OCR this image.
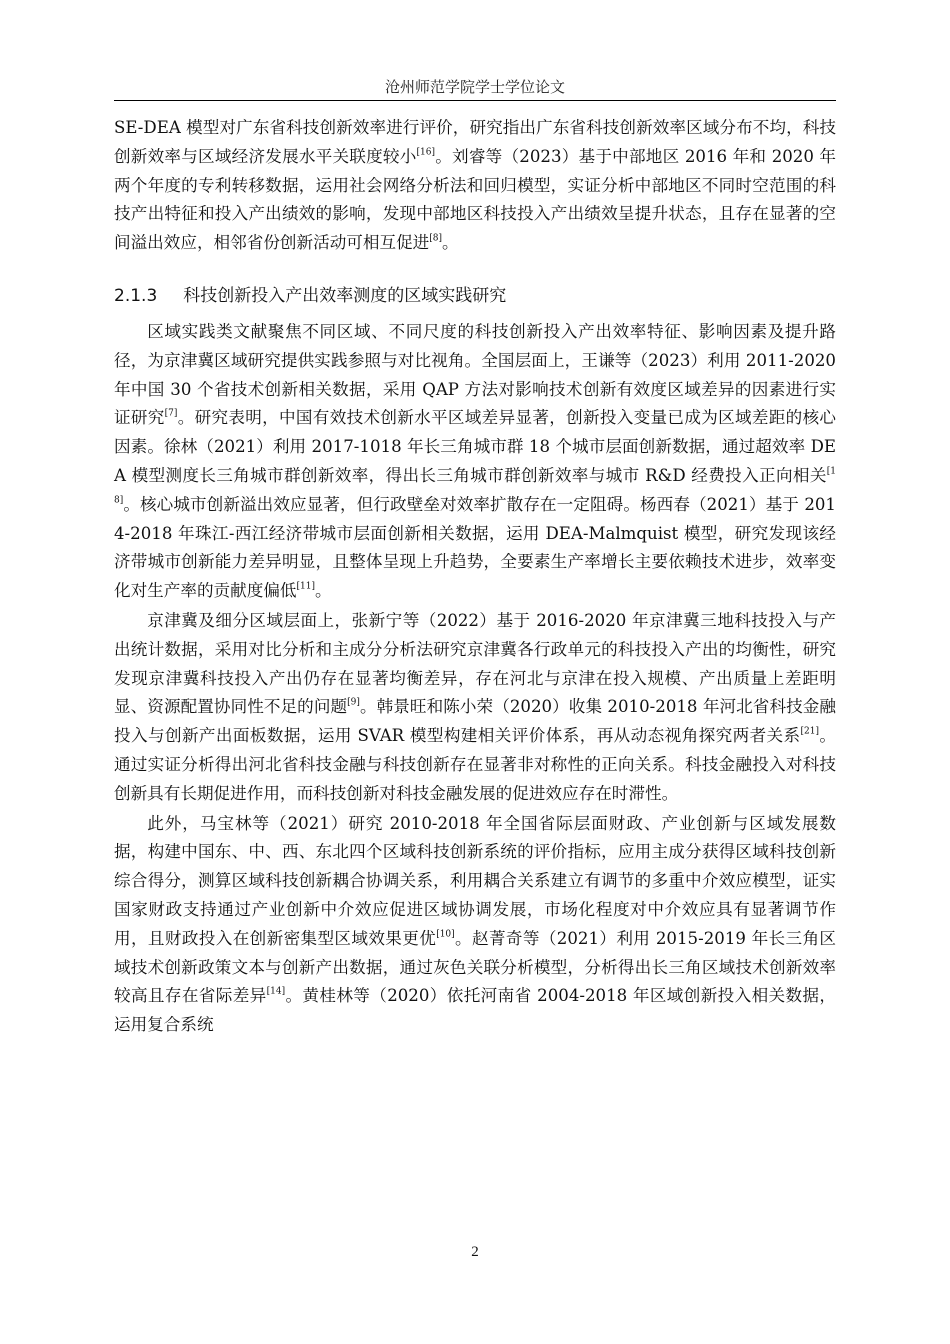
沧州师范学院学士学位论文

SE-DEA 模型对广东省科技创新效率进行评价，研究指出广东省科技创新效率区域分布不均，科技创新效率与区域经济发展水平关联度较小[16]。刘睿等（2023）基于中部地区 2016 年和 2020 年两个年度的专利转移数据，运用社会网络分析法和回归模型，实证分析中部地区不同时空范围的科技产出特征和投入产出绩效的影响，发现中部地区科技投入产出绩效呈提升状态，且存在显著的空间溢出效应，相邻省份创新活动可相互促进[8]。

2.1.3 科技创新投入产出效率测度的区域实践研究

区域实践类文献聚焦不同区域、不同尺度的科技创新投入产出效率特征、影响因素及提升路径，为京津冀区域研究提供实践参照与对比视角。全国层面上，王谦等（2023）利用 2011-2020 年中国 30 个省技术创新相关数据，采用 QAP 方法对影响技术创新有效度区域差异的因素进行实证研究[7]。研究表明，中国有效技术创新水平区域差异显著，创新投入变量已成为区域差距的核心因素。徐林（2021）利用 2017-1018 年长三角城市群 18 个城市层面创新数据，通过超效率 DEA 模型测度长三角城市群创新效率，得出长三角城市群创新效率与城市 R&D 经费投入正向相关[18]。核心城市创新溢出效应显著，但行政壁垒对效率扩散存在一定阻碍。杨西春（2021）基于 2014-2018 年珠江-西江经济带城市层面创新相关数据，运用 DEA-Malmquist 模型，研究发现该经济带城市创新能力差异明显，且整体呈现上升趋势，全要素生产率增长主要依赖技术进步，效率变化对生产率的贡献度偏低[11]。

京津冀及细分区域层面上，张新宁等（2022）基于 2016-2020 年京津冀三地科技投入与产出统计数据，采用对比分析和主成分分析法研究京津冀各行政单元的科技投入产出的均衡性，研究发现京津冀科技投入产出仍存在显著均衡差异，存在河北与京津在投入规模、产出质量上差距明显、资源配置协同性不足的问题[9]。韩景旺和陈小荣（2020）收集 2010-2018 年河北省科技金融投入与创新产出面板数据，运用 SVAR 模型构建相关评价体系，再从动态视角探究两者关系[21]。通过实证分析得出河北省科技金融与科技创新存在显著非对称性的正向关系。科技金融投入对科技创新具有长期促进作用，而科技创新对科技金融发展的促进效应存在时滞性。

此外，马宝林等（2021）研究 2010-2018 年全国省际层面财政、产业创新与区域发展数据，构建中国东、中、西、东北四个区域科技创新系统的评价指标，应用主成分获得区域科技创新综合得分，测算区域科技创新耦合协调关系，利用耦合关系建立有调节的多重中介效应模型，证实国家财政支持通过产业创新中介效应促进区域协调发展，市场化程度对中介效应具有显著调节作用，且财政投入在创新密集型区域效果更优[10]。赵菁奇等（2021）利用 2015-2019 年长三角区域技术创新政策文本与创新产出数据，通过灰色关联分析模型，分析得出长三角区域技术创新效率较高且存在省际差异[14]。黄桂林等（2020）依托河南省 2004-2018 年区域创新投入相关数据，运用复合系统

2
